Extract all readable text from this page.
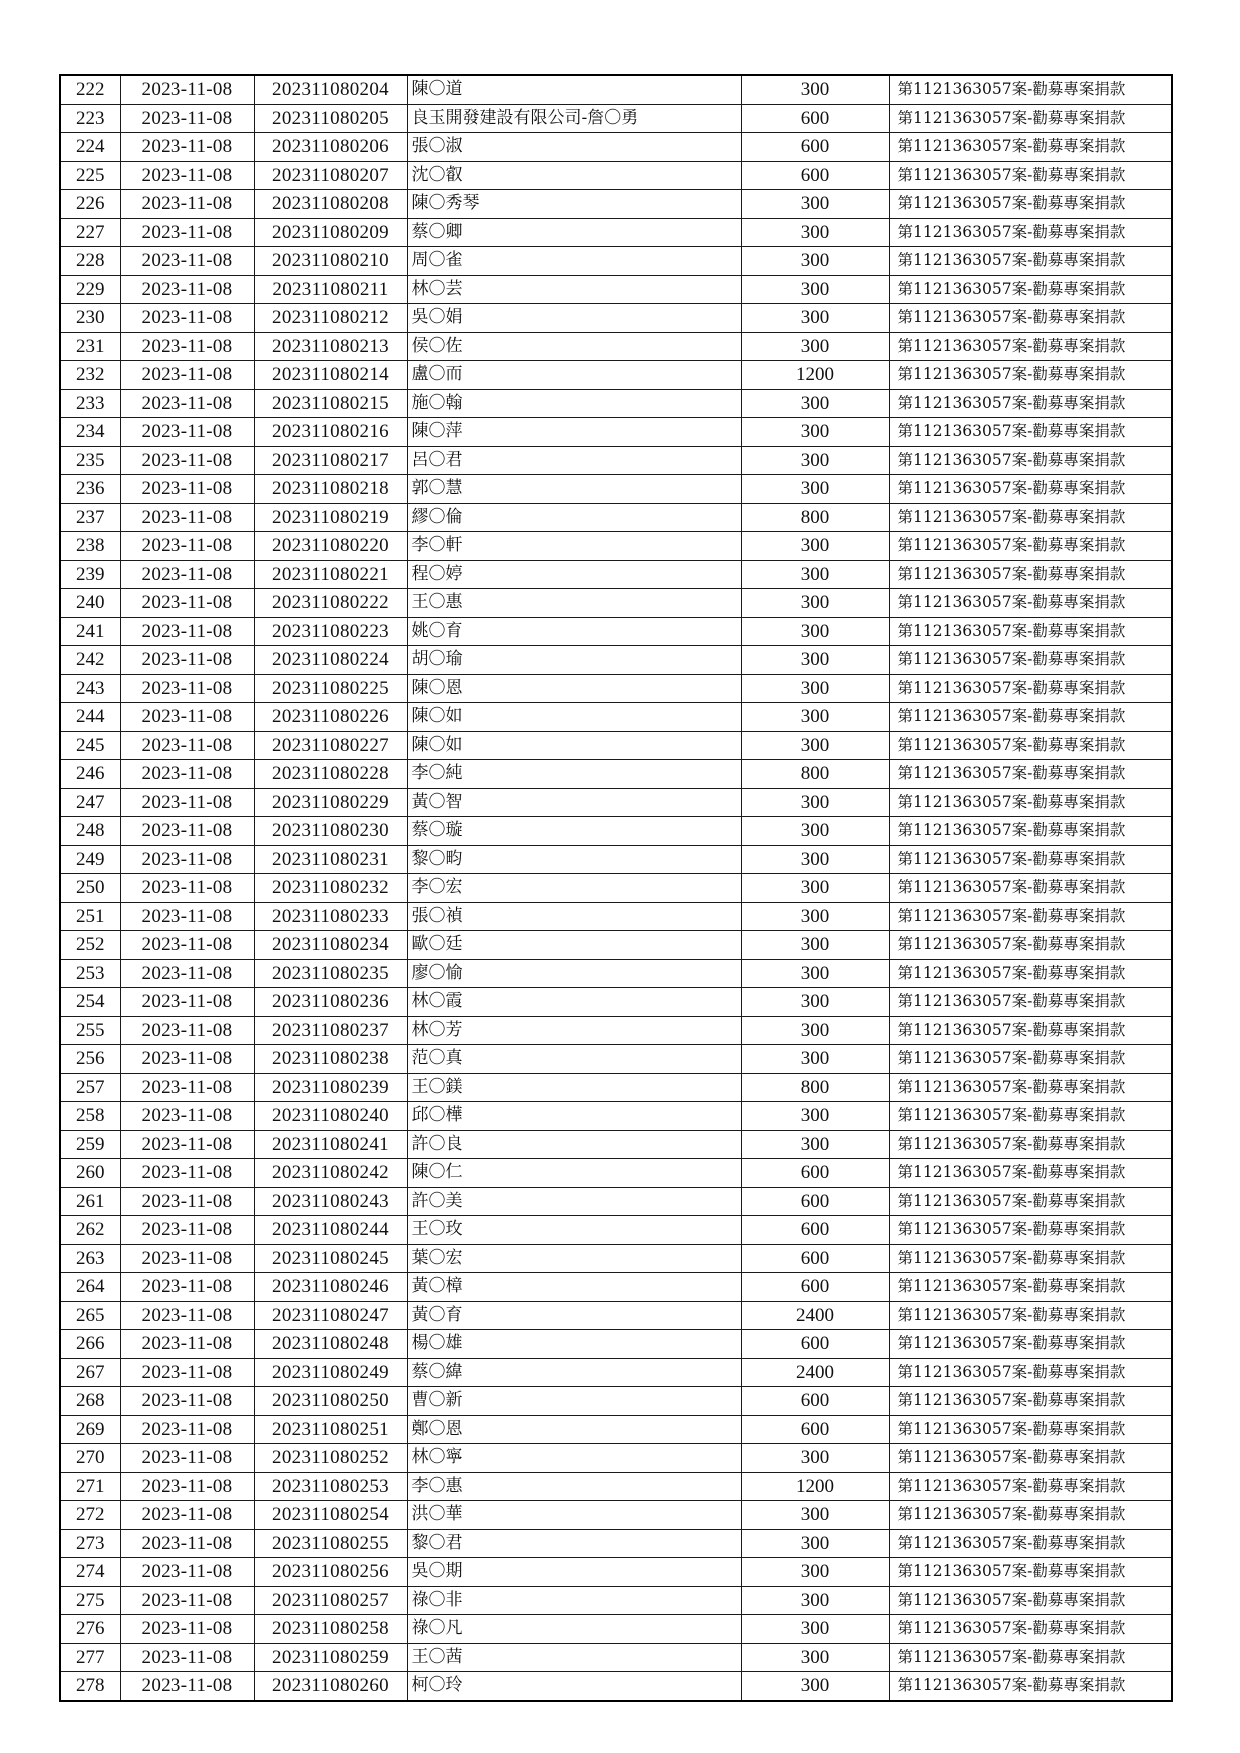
222	2023-11-08	202311080204	陳〇道	300	第1121363057案-勸募專案捐款
223	2023-11-08	202311080205	良玉開發建設有限公司-詹〇勇	600	第1121363057案-勸募專案捐款
224	2023-11-08	202311080206	張〇淑	600	第1121363057案-勸募專案捐款
225	2023-11-08	202311080207	沈〇叡	600	第1121363057案-勸募專案捐款
226	2023-11-08	202311080208	陳〇秀琴	300	第1121363057案-勸募專案捐款
227	2023-11-08	202311080209	蔡〇卿	300	第1121363057案-勸募專案捐款
228	2023-11-08	202311080210	周〇雀	300	第1121363057案-勸募專案捐款
229	2023-11-08	202311080211	林〇芸	300	第1121363057案-勸募專案捐款
230	2023-11-08	202311080212	吳〇娟	300	第1121363057案-勸募專案捐款
231	2023-11-08	202311080213	侯〇佐	300	第1121363057案-勸募專案捐款
232	2023-11-08	202311080214	盧〇而	1200	第1121363057案-勸募專案捐款
233	2023-11-08	202311080215	施〇翰	300	第1121363057案-勸募專案捐款
234	2023-11-08	202311080216	陳〇萍	300	第1121363057案-勸募專案捐款
235	2023-11-08	202311080217	呂〇君	300	第1121363057案-勸募專案捐款
236	2023-11-08	202311080218	郭〇慧	300	第1121363057案-勸募專案捐款
237	2023-11-08	202311080219	繆〇倫	800	第1121363057案-勸募專案捐款
238	2023-11-08	202311080220	李〇軒	300	第1121363057案-勸募專案捐款
239	2023-11-08	202311080221	程〇婷	300	第1121363057案-勸募專案捐款
240	2023-11-08	202311080222	王〇惠	300	第1121363057案-勸募專案捐款
241	2023-11-08	202311080223	姚〇育	300	第1121363057案-勸募專案捐款
242	2023-11-08	202311080224	胡〇瑜	300	第1121363057案-勸募專案捐款
243	2023-11-08	202311080225	陳〇恩	300	第1121363057案-勸募專案捐款
244	2023-11-08	202311080226	陳〇如	300	第1121363057案-勸募專案捐款
245	2023-11-08	202311080227	陳〇如	300	第1121363057案-勸募專案捐款
246	2023-11-08	202311080228	李〇純	800	第1121363057案-勸募專案捐款
247	2023-11-08	202311080229	黃〇智	300	第1121363057案-勸募專案捐款
248	2023-11-08	202311080230	蔡〇璇	300	第1121363057案-勸募專案捐款
249	2023-11-08	202311080231	黎〇畇	300	第1121363057案-勸募專案捐款
250	2023-11-08	202311080232	李〇宏	300	第1121363057案-勸募專案捐款
251	2023-11-08	202311080233	張〇禎	300	第1121363057案-勸募專案捐款
252	2023-11-08	202311080234	歐〇廷	300	第1121363057案-勸募專案捐款
253	2023-11-08	202311080235	廖〇愉	300	第1121363057案-勸募專案捐款
254	2023-11-08	202311080236	林〇霞	300	第1121363057案-勸募專案捐款
255	2023-11-08	202311080237	林〇芳	300	第1121363057案-勸募專案捐款
256	2023-11-08	202311080238	范〇真	300	第1121363057案-勸募專案捐款
257	2023-11-08	202311080239	王〇鎂	800	第1121363057案-勸募專案捐款
258	2023-11-08	202311080240	邱〇樺	300	第1121363057案-勸募專案捐款
259	2023-11-08	202311080241	許〇良	300	第1121363057案-勸募專案捐款
260	2023-11-08	202311080242	陳〇仁	600	第1121363057案-勸募專案捐款
261	2023-11-08	202311080243	許〇美	600	第1121363057案-勸募專案捐款
262	2023-11-08	202311080244	王〇玫	600	第1121363057案-勸募專案捐款
263	2023-11-08	202311080245	葉〇宏	600	第1121363057案-勸募專案捐款
264	2023-11-08	202311080246	黃〇樟	600	第1121363057案-勸募專案捐款
265	2023-11-08	202311080247	黃〇育	2400	第1121363057案-勸募專案捐款
266	2023-11-08	202311080248	楊〇雄	600	第1121363057案-勸募專案捐款
267	2023-11-08	202311080249	蔡〇緯	2400	第1121363057案-勸募專案捐款
268	2023-11-08	202311080250	曹〇新	600	第1121363057案-勸募專案捐款
269	2023-11-08	202311080251	鄭〇恩	600	第1121363057案-勸募專案捐款
270	2023-11-08	202311080252	林〇寧	300	第1121363057案-勸募專案捐款
271	2023-11-08	202311080253	李〇惠	1200	第1121363057案-勸募專案捐款
272	2023-11-08	202311080254	洪〇華	300	第1121363057案-勸募專案捐款
273	2023-11-08	202311080255	黎〇君	300	第1121363057案-勸募專案捐款
274	2023-11-08	202311080256	吳〇期	300	第1121363057案-勸募專案捐款
275	2023-11-08	202311080257	祿〇非	300	第1121363057案-勸募專案捐款
276	2023-11-08	202311080258	祿〇凡	300	第1121363057案-勸募專案捐款
277	2023-11-08	202311080259	王〇茜	300	第1121363057案-勸募專案捐款
278	2023-11-08	202311080260	柯〇玲	300	第1121363057案-勸募專案捐款
